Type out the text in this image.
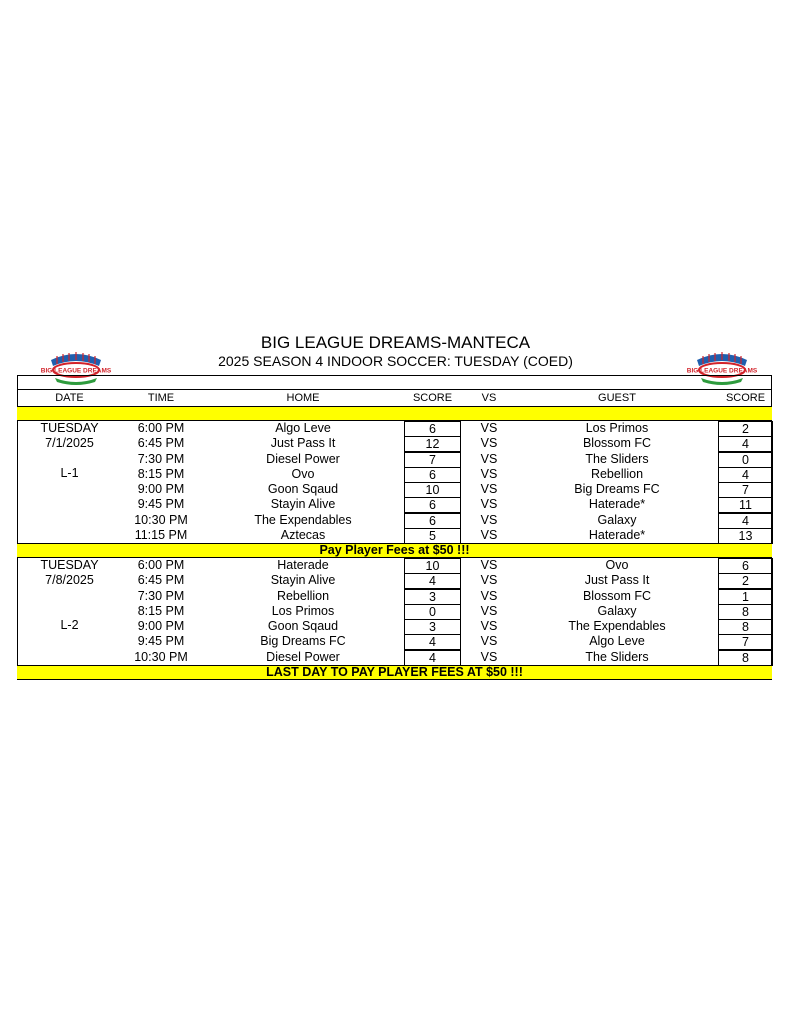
BIG LEAGUE DREAMS-MANTECA
2025 SEASON 4 INDOOR SOCCER: TUESDAY (COED)
BIG LEAGUE DREAMS	BIG LEAGUE DREAMS
DATE	TIME	HOME	SCORE	VS	GUEST	SCORE
TUESDAY
7/1/2025
L-1
6:00 PM	Algo Leve	6	VS	Los Primos	2
6:45 PM	Just Pass It	12	VS	Blossom FC	4
7:30 PM	Diesel Power	7	VS	The Sliders	0
8:15 PM	Ovo	6	VS	Rebellion	4
9:00 PM	Goon Sqaud	10	VS	Big Dreams FC	7
9:45 PM	Stayin Alive	6	VS	Haterade*	11
10:30 PM	The Expendables	6	VS	Galaxy	4
11:15 PM	Aztecas	5	VS	Haterade*	13
Pay Player Fees at $50 !!!
TUESDAY
7/8/2025
L-2
6:00 PM	Haterade	10	VS	Ovo	6
6:45 PM	Stayin Alive	4	VS	Just Pass It	2
7:30 PM	Rebellion	3	VS	Blossom FC	1
8:15 PM	Los Primos	0	VS	Galaxy	8
9:00 PM	Goon Sqaud	3	VS	The Expendables	8
9:45 PM	Big Dreams FC	4	VS	Algo Leve	7
10:30 PM	Diesel Power	4	VS	The Sliders	8
LAST DAY TO PAY PLAYER FEES AT $50 !!!
